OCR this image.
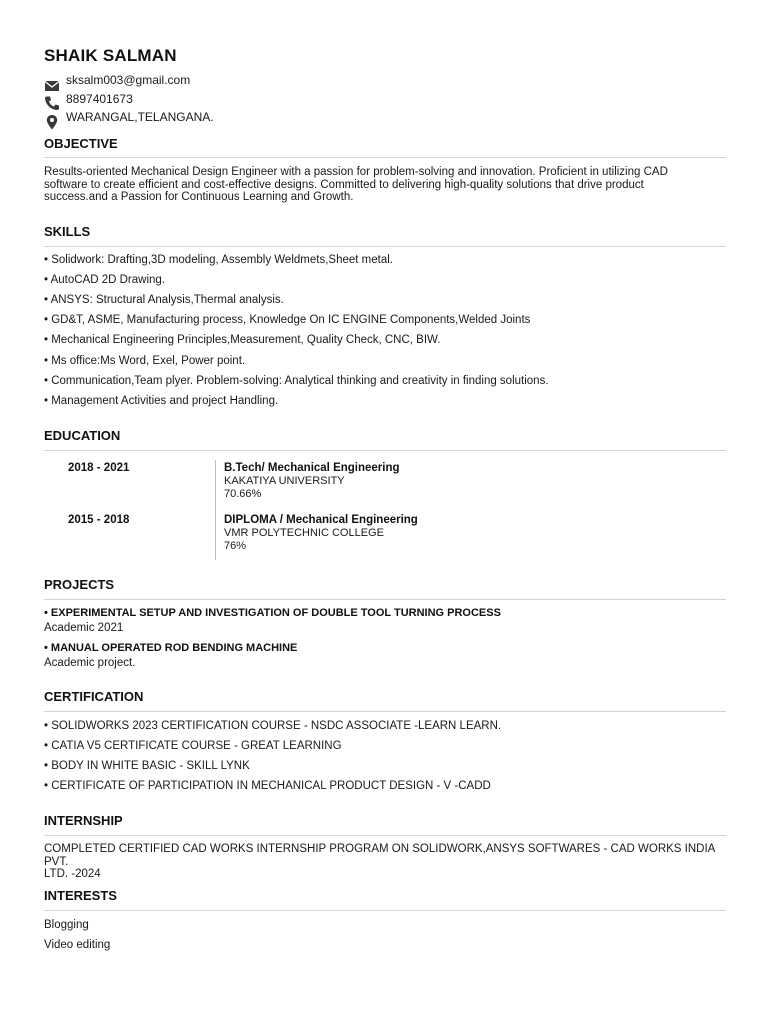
SHAIK SALMAN
sksalm003@gmail.com
8897401673
WARANGAL,TELANGANA.
OBJECTIVE
Results-oriented Mechanical Design Engineer with a passion for problem-solving and innovation. Proficient in utilizing CAD
software to create efficient and cost-effective designs. Committed to delivering high-quality solutions that drive product
success.and a Passion for Continuous Learning and Growth.
SKILLS
• Solidwork: Drafting,3D modeling, Assembly Weldmets,Sheet metal.
• AutoCAD 2D Drawing.
• ANSYS: Structural Analysis,Thermal analysis.
• GD&T, ASME, Manufacturing process, Knowledge On IC ENGINE Components,Welded Joints
• Mechanical Engineering Principles,Measurement, Quality Check, CNC, BIW.
• Ms office:Ms Word, Exel, Power point.
• Communication,Team plyer. Problem-solving: Analytical thinking and creativity in finding solutions.
• Management Activities and project Handling.
EDUCATION
2018 - 2021	B.Tech/ Mechanical Engineering
KAKATIYA UNIVERSITY
70.66%
2015 - 2018	DIPLOMA / Mechanical Engineering
VMR POLYTECHNIC COLLEGE
76%
PROJECTS
• EXPERIMENTAL SETUP AND INVESTIGATION OF DOUBLE TOOL TURNING PROCESS
Academic 2021
• MANUAL OPERATED ROD BENDING MACHINE
Academic project.
CERTIFICATION
• SOLIDWORKS 2023 CERTIFICATION COURSE - NSDC ASSOCIATE -LEARN LEARN.
• CATIA V5 CERTIFICATE COURSE - GREAT LEARNING
• BODY IN WHITE BASIC - SKILL LYNK
• CERTIFICATE OF PARTICIPATION IN MECHANICAL PRODUCT DESIGN - V -CADD
INTERNSHIP
COMPLETED CERTIFIED CAD WORKS INTERNSHIP PROGRAM ON SOLIDWORK,ANSYS SOFTWARES - CAD WORKS INDIA PVT.
LTD. -2024
INTERESTS
Blogging
Video editing
